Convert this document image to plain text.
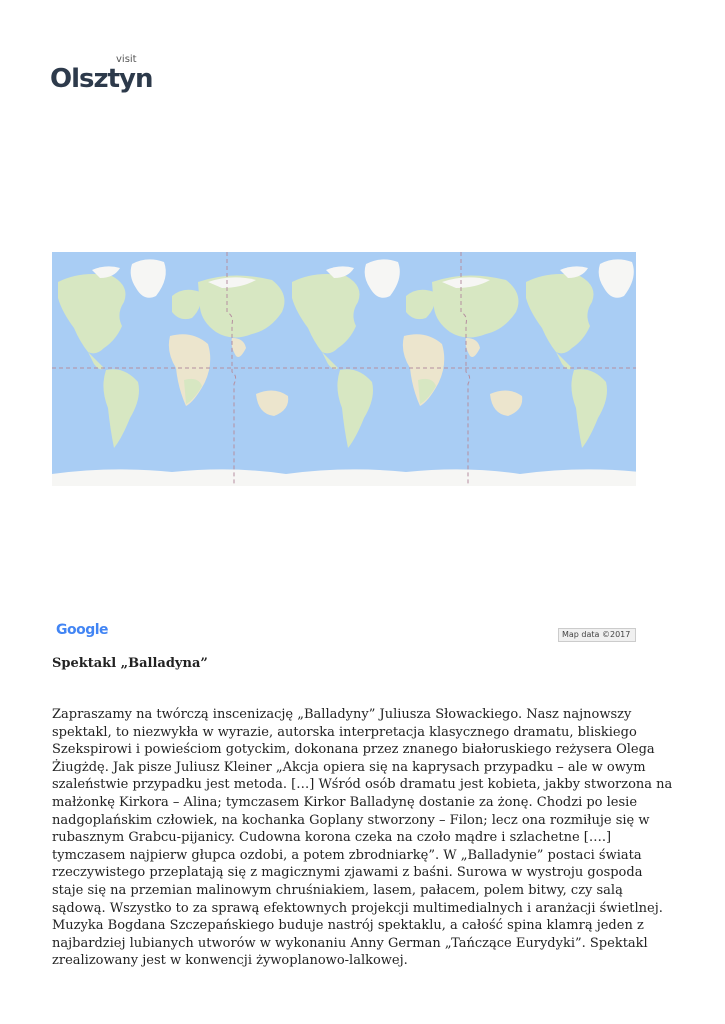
visit
Olsztyn
Google	Map data ©2017
Spektakl „Balladyna”

Zapraszamy na twórczą inscenizację „Balladyny” Juliusza Słowackiego. Nasz najnowszy spektakl, to niezwykła w wyrazie, autorska interpretacja klasycznego dramatu, bliskiego Szekspirowi i powieściom gotyckim, dokonana przez znanego białoruskiego reżysera Olega Żiugżdę. Jak pisze Juliusz Kleiner „Akcja opiera się na kaprysach przypadku – ale w owym szaleństwie przypadku jest metoda. […] Wśród osób dramatu jest kobieta, jakby stworzona na małżonkę Kirkora – Alina; tymczasem Kirkor Balladynę dostanie za żonę. Chodzi po lesie nadgoplańskim człowiek, na kochanka Goplany stworzony – Filon; lecz ona rozmiłuje się w rubasznym Grabcu-pijanicy. Cudowna korona czeka na czoło mądre i szlachetne [….] tymczasem najpierw głupca ozdobi, a potem zbrodniarkę”. W „Balladynie” postaci świata rzeczywistego przeplatają się z magicznymi zjawami z baśni. Surowa w wystroju gospoda staje się na przemian malinowym chruśniakiem, lasem, pałacem, polem bitwy, czy salą sądową. Wszystko to za sprawą efektownych projekcji multimedialnych i aranżacji świetlnej. Muzyka Bogdana Szczepańskiego buduje nastrój spektaklu, a całość spina klamrą jeden z najbardziej lubianych utworów w wykonaniu Anny German „Tańczące Eurydyki”. Spektakl zrealizowany jest w konwencji żywoplanowo-lalkowej.
